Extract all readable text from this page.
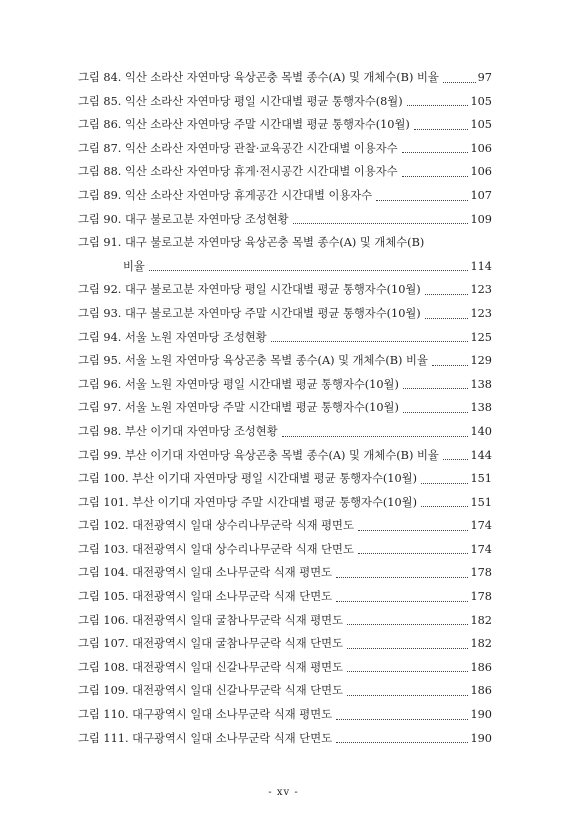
그림 84. 익산 소라산 자연마당 육상곤충 목별 종수(A) 및 개체수(B) 비율	97
그림 85. 익산 소라산 자연마당 평일 시간대별 평균 통행자수(8월)	105
그림 86. 익산 소라산 자연마당 주말 시간대별 평균 통행자수(10월)	105
그림 87. 익산 소라산 자연마당 관찰·교육공간 시간대별 이용자수	106
그림 88. 익산 소라산 자연마당 휴게·전시공간 시간대별 이용자수	106
그림 89. 익산 소라산 자연마당 휴게공간 시간대별 이용자수	107
그림 90. 대구 불로고분 자연마당 조성현황	109
그림 91. 대구 불로고분 자연마당 육상곤충 목별 종수(A) 및 개체수(B)
비율	114
그림 92. 대구 불로고분 자연마당 평일 시간대별 평균 통행자수(10월)	123
그림 93. 대구 불로고분 자연마당 주말 시간대별 평균 통행자수(10월)	123
그림 94. 서울 노원 자연마당 조성현황	125
그림 95. 서울 노원 자연마당 육상곤충 목별 종수(A) 및 개체수(B) 비율	129
그림 96. 서울 노원 자연마당 평일 시간대별 평균 통행자수(10월)	138
그림 97. 서울 노원 자연마당 주말 시간대별 평균 통행자수(10월)	138
그림 98. 부산 이기대 자연마당 조성현황	140
그림 99. 부산 이기대 자연마당 육상곤충 목별 종수(A) 및 개체수(B) 비율	144
그림 100. 부산 이기대 자연마당 평일 시간대별 평균 통행자수(10월)	151
그림 101. 부산 이기대 자연마당 주말 시간대별 평균 통행자수(10월)	151
그림 102. 대전광역시 일대 상수리나무군락 식재 평면도	174
그림 103. 대전광역시 일대 상수리나무군락 식재 단면도	174
그림 104. 대전광역시 일대 소나무군락 식재 평면도	178
그림 105. 대전광역시 일대 소나무군락 식재 단면도	178
그림 106. 대전광역시 일대 굴참나무군락 식재 평면도	182
그림 107. 대전광역시 일대 굴참나무군락 식재 단면도	182
그림 108. 대전광역시 일대 신갈나무군락 식재 평면도	186
그림 109. 대전광역시 일대 신갈나무군락 식재 단면도	186
그림 110. 대구광역시 일대 소나무군락 식재 평면도	190
그림 111. 대구광역시 일대 소나무군락 식재 단면도	190
- xv -
